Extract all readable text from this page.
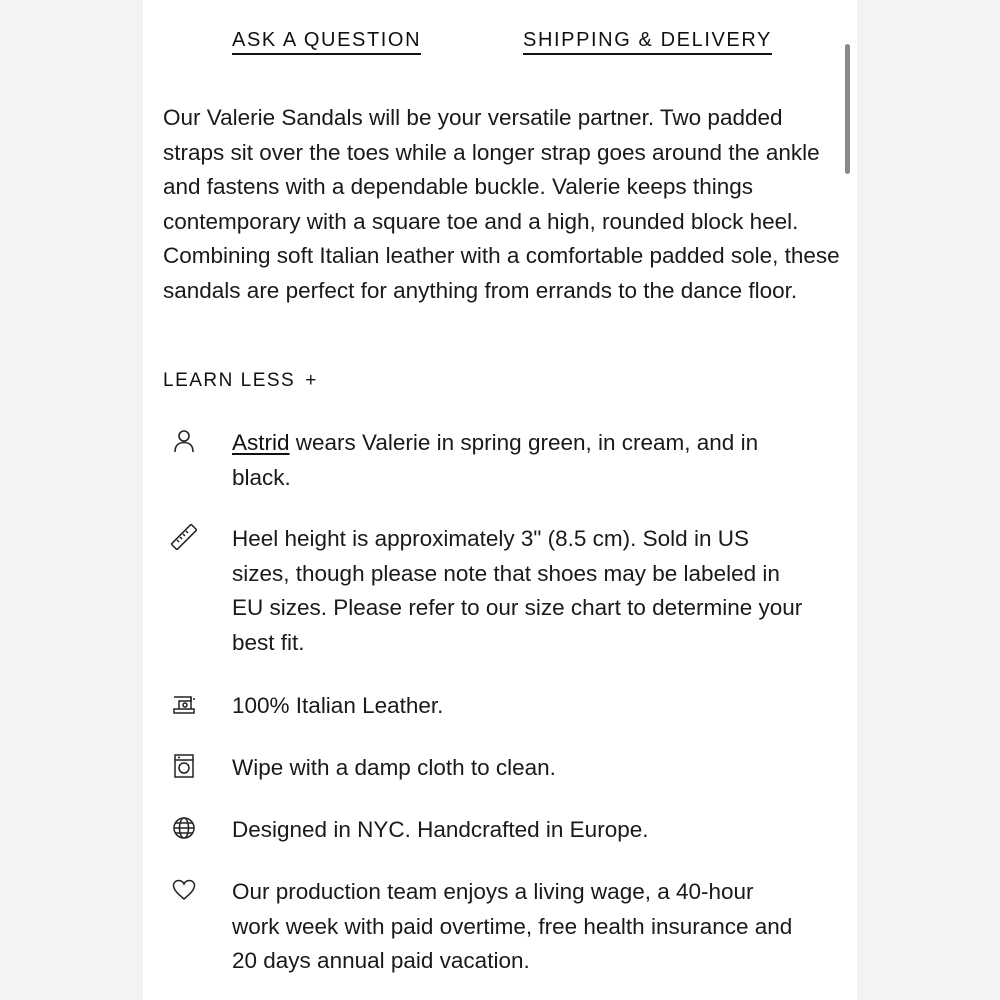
ASK A QUESTION	SHIPPING & DELIVERY

Our Valerie Sandals will be your versatile partner. Two padded straps sit over the toes while a longer strap goes around the ankle and fastens with a dependable buckle. Valerie keeps things contemporary with a square toe and a high, rounded block heel. Combining soft Italian leather with a comfortable padded sole, these sandals are perfect for anything from errands to the dance floor.

LEARN LESS +
Astrid wears Valerie in spring green, in cream, and in black.
Heel height is approximately 3" (8.5 cm). Sold in US sizes, though please note that shoes may be labeled in EU sizes. Please refer to our size chart to determine your best fit.
100% Italian Leather.
Wipe with a damp cloth to clean.
Designed in NYC. Handcrafted in Europe.
Our production team enjoys a living wage, a 40-hour work week with paid overtime, free health insurance and 20 days annual paid vacation.
